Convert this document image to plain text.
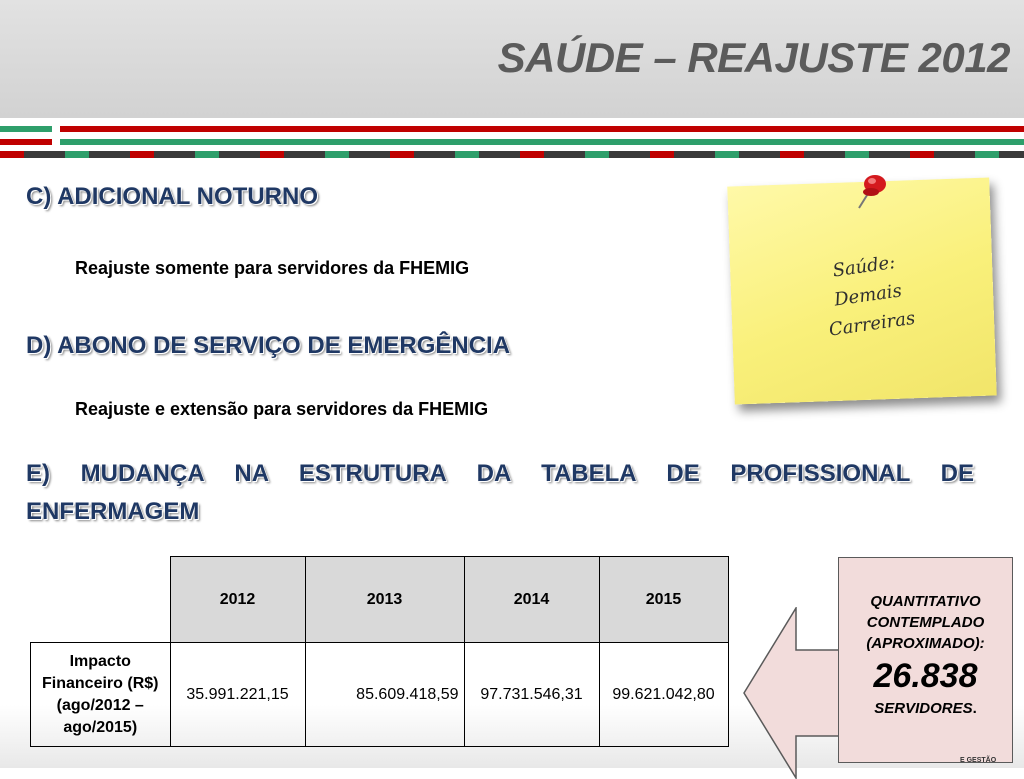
SAÚDE – REAJUSTE 2012
C) ADICIONAL NOTURNO
Reajuste somente para servidores da FHEMIG
D) ABONO DE SERVIÇO DE EMERGÊNCIA
Reajuste e extensão para servidores da FHEMIG
E) MUDANÇA NA ESTRUTURA DA TABELA DE PROFISSIONAL DE
ENFERMAGEM
Saúde:
Demais
Carreiras
	2012	2013	2014	2015

Impacto
Financeiro (R$)
(ago/2012 –
ago/2015)	35.991.221,15	85.609.418,59	97.731.546,31	99.621.042,80
QUANTITATIVO
CONTEMPLADO
(APROXIMADO):
26.838
SERVIDORES.
E GESTÃO
